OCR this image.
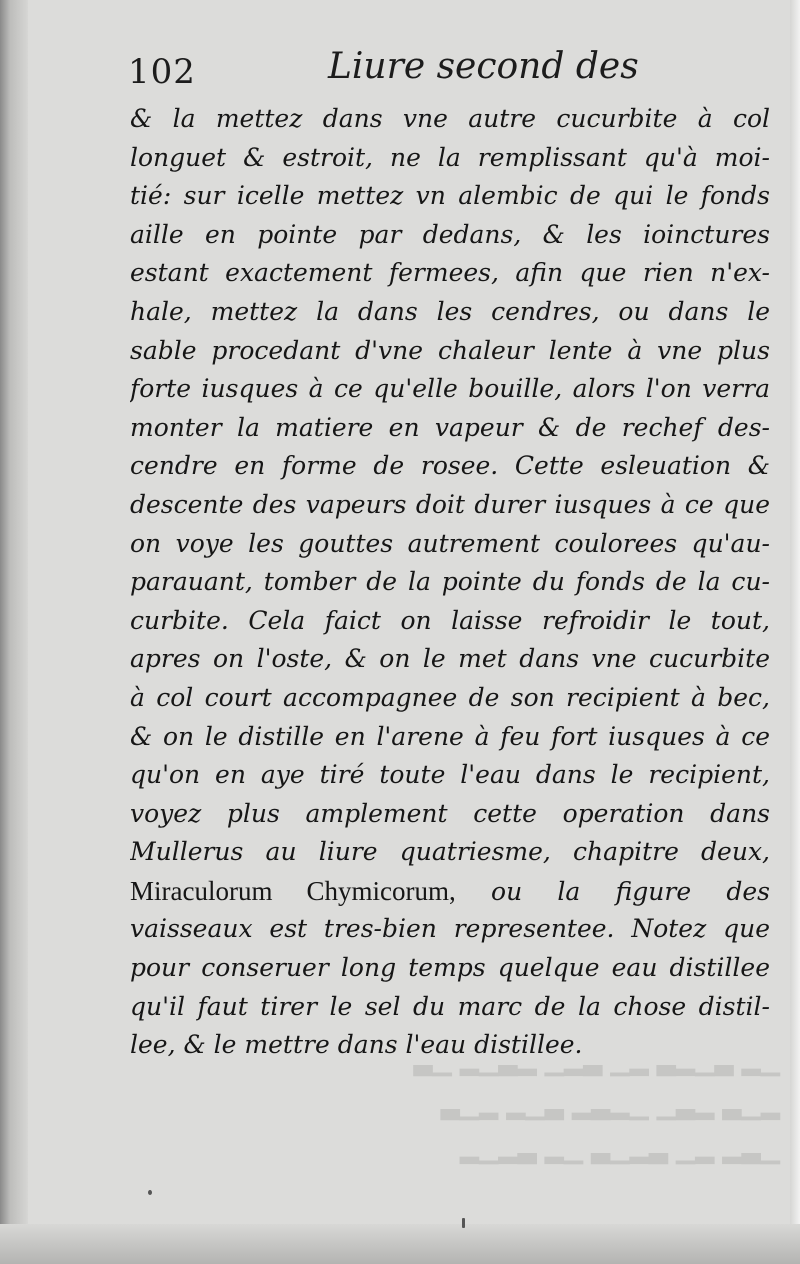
▁▂ ▃▁▂▃ ▂▁ ▃▂▁ ▂▃▁▂ ▁▃
▂▁▃ ▂▃▁ ▁▂▃▂ ▃▁▂ ▂▁▃
▁▃▂ ▂▁ ▃▂▁▃ ▁▂ ▃▂▁▂
102	Liure second des
& la mettez dans vne autre cucurbite à col
longuet & estroit, ne la remplissant qu'à moi-
tié: sur icelle mettez vn alembic de qui le fonds
aille en pointe par dedans, & les ioinctures
estant exactement fermees, afin que rien n'ex-
hale, mettez la dans les cendres, ou dans le
sable procedant d'vne chaleur lente à vne plus
forte iusques à ce qu'elle bouille, alors l'on verra
monter la matiere en vapeur & de rechef des-
cendre en forme de rosee. Cette esleuation &
descente des vapeurs doit durer iusques à ce que
on voye les gouttes autrement coulorees qu'au-
parauant, tomber de la pointe du fonds de la cu-
curbite. Cela faict on laisse refroidir le tout,
apres on l'oste, & on le met dans vne cucurbite
à col court accompagnee de son recipient à bec,
& on le distille en l'arene à feu fort iusques à ce
qu'on en aye tiré toute l'eau dans le recipient,
voyez plus amplement cette operation dans
Mullerus au liure quatriesme, chapitre deux,
Miraculorum Chymicorum, ou la figure des
vaisseaux est tres-bien representee. Notez que
pour conseruer long temps quelque eau distillee
qu'il faut tirer le sel du marc de la chose distil-
lee, & le mettre dans l'eau distillee.
